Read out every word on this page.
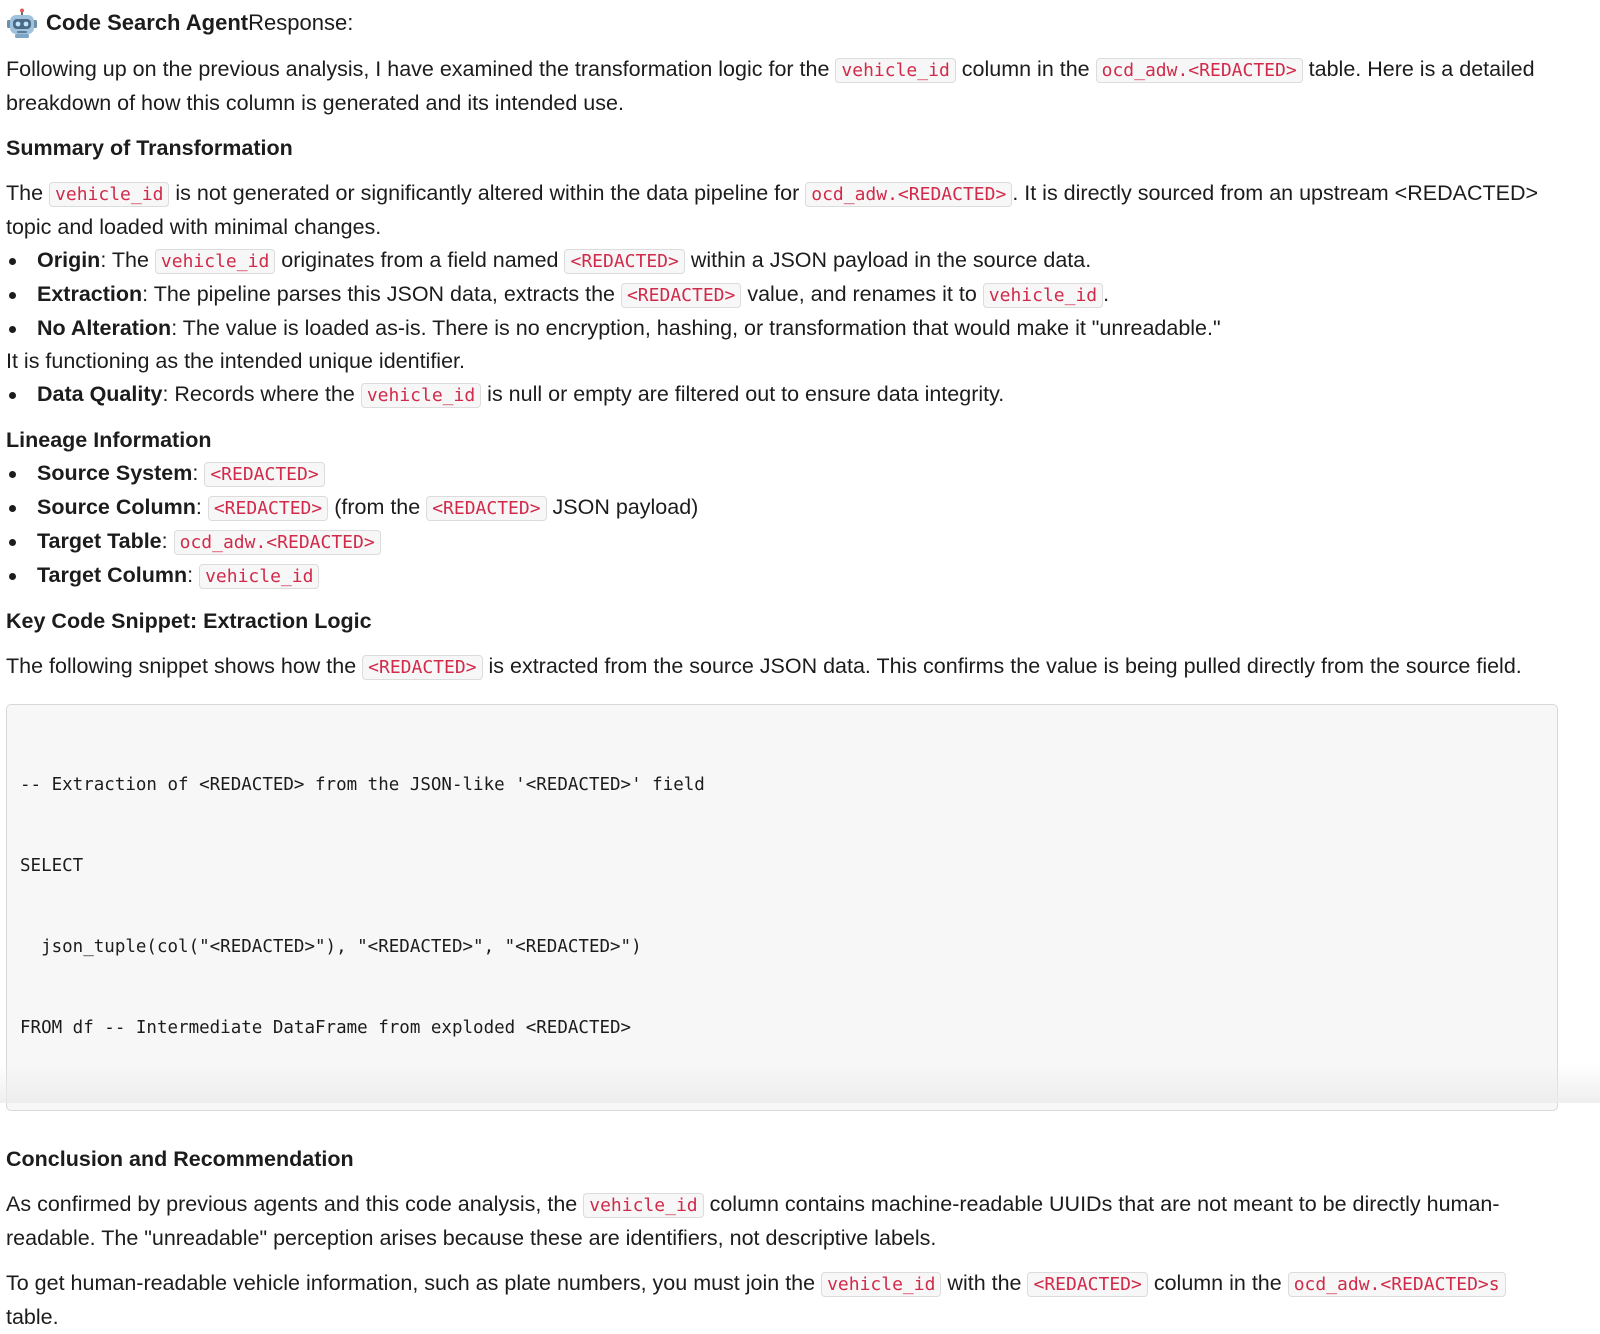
Code Search Agent Response:

Following up on the previous analysis, I have examined the transformation logic for the vehicle_id column in the ocd_adw.<REDACTED> table. Here is a detailed breakdown of how this column is generated and its intended use.

Summary of Transformation

The vehicle_id is not generated or significantly altered within the data pipeline for ocd_adw.<REDACTED> . It is directly sourced from an upstream <REDACTED> topic and loaded with minimal changes.

Origin: The vehicle_id originates from a field named <REDACTED> within a JSON payload in the source data.
Extraction: The pipeline parses this JSON data, extracts the <REDACTED> value, and renames it to vehicle_id .
No Alteration: The value is loaded as-is. There is no encryption, hashing, or transformation that would make it "unreadable."

It is functioning as the intended unique identifier.

Data Quality: Records where the vehicle_id is null or empty are filtered out to ensure data integrity.
Lineage Information
Source System: <REDACTED>
Source Column: <REDACTED> (from the <REDACTED> JSON payload)
Target Table: ocd_adw.<REDACTED>
Target Column: vehicle_id
Key Code Snippet: Extraction Logic

The following snippet shows how the <REDACTED> is extracted from the source JSON data. This confirms the value is being pulled directly from the source field.

-- Extraction of <REDACTED> from the JSON-like '<REDACTED>' field

SELECT

json_tuple(col("<REDACTED>"), "<REDACTED>", "<REDACTED>")

FROM df -- Intermediate DataFrame from exploded <REDACTED>

Conclusion and Recommendation

As confirmed by previous agents and this code analysis, the vehicle_id column contains machine-readable UUIDs that are not meant to be directly human-readable. The "unreadable" perception arises because these are identifiers, not descriptive labels.

To get human-readable vehicle information, such as plate numbers, you must join the vehicle_id with the <REDACTED> column in the ocd_adw.<REDACTED>s table.
